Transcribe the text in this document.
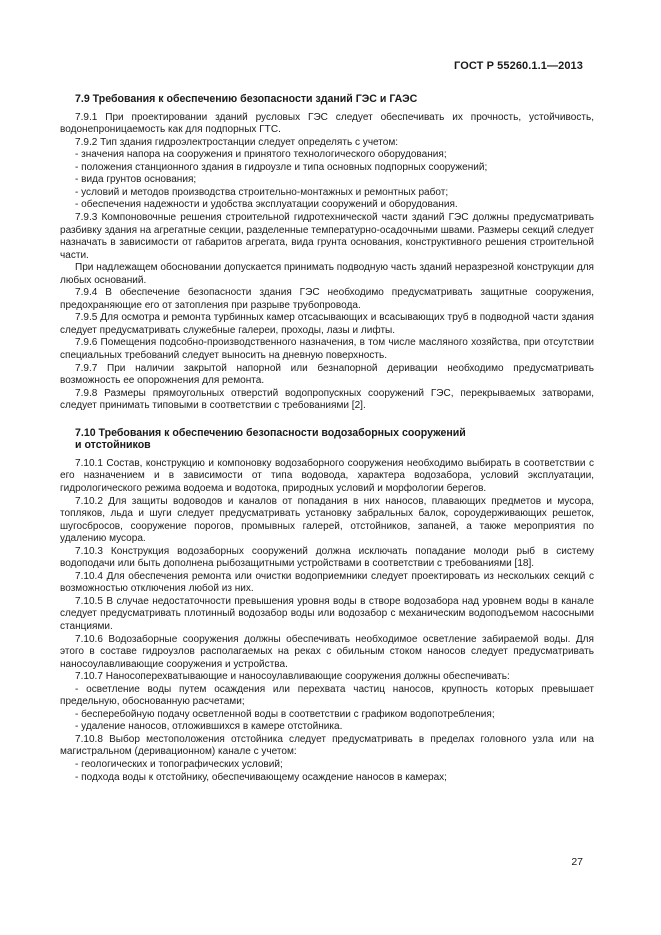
ГОСТ Р 55260.1.1—2013
7.9 Требования к обеспечению безопасности зданий ГЭС и ГАЭС

7.9.1 При проектировании зданий русловых ГЭС следует обеспечивать их прочность, устойчивость, водонепроницаемость как для подпорных ГТС.

7.9.2 Тип здания гидроэлектростанции следует определять с учетом:

- значения напора на сооружения и принятого технологического оборудования;

- положения станционного здания в гидроузле и типа основных подпорных сооружений;

- вида грунтов основания;

- условий и методов производства строительно-монтажных и ремонтных работ;

- обеспечения надежности и удобства эксплуатации сооружений и оборудования.

7.9.3 Компоновочные решения строительной гидротехнической части зданий ГЭС должны предусматривать разбивку здания на агрегатные секции, разделенные температурно-осадочными швами. Размеры секций следует назначать в зависимости от габаритов агрегата, вида грунта основания, конструктивного решения строительной части.

При надлежащем обосновании допускается принимать подводную часть зданий неразрезной конструкции для любых оснований.

7.9.4 В обеспечение безопасности здания ГЭС необходимо предусматривать защитные сооружения, предохраняющие его от затопления при разрыве трубопровода.

7.9.5 Для осмотра и ремонта турбинных камер отсасывающих и всасывающих труб в подводной части здания следует предусматривать служебные галереи, проходы, лазы и лифты.

7.9.6 Помещения подсобно-производственного назначения, в том числе масляного хозяйства, при отсутствии специальных требований следует выносить на дневную поверхность.

7.9.7 При наличии закрытой напорной или безнапорной деривации необходимо предусматривать возможность ее опорожнения для ремонта.

7.9.8 Размеры прямоугольных отверстий водопропускных сооружений ГЭС, перекрываемых затворами, следует принимать типовыми в соответствии с требованиями [2].

7.10 Требования к обеспечению безопасности водозаборных сооружений
и отстойников

7.10.1 Состав, конструкцию и компоновку водозаборного сооружения необходимо выбирать в соответствии с его назначением и в зависимости от типа водовода, характера водозабора, условий эксплуатации, гидрологического режима водоема и водотока, природных условий и морфологии берегов.

7.10.2 Для защиты водоводов и каналов от попадания в них наносов, плавающих предметов и мусора, топляков, льда и шуги следует предусматривать установку забральных балок, сороудерживающих решеток, шугосбросов, сооружение порогов, промывных галерей, отстойников, запаней, а также мероприятия по удалению мусора.

7.10.3 Конструкция водозаборных сооружений должна исключать попадание молоди рыб в систему водоподачи или быть дополнена рыбозащитными устройствами в соответствии с требованиями [18].

7.10.4 Для обеспечения ремонта или очистки водоприемники следует проектировать из нескольких секций с возможностью отключения любой из них.

7.10.5 В случае недостаточности превышения уровня воды в створе водозабора над уровнем воды в канале следует предусматривать плотинный водозабор воды или водозабор с механическим водоподъемом насосными станциями.

7.10.6 Водозаборные сооружения должны обеспечивать необходимое осветление забираемой воды. Для этого в составе гидроузлов располагаемых на реках с обильным стоком наносов следует предусматривать наносоулавливающие сооружения и устройства.

7.10.7 Наносоперехватывающие и наносоулавливающие сооружения должны обеспечивать:

- осветление воды путем осаждения или перехвата частиц наносов, крупность которых превышает предельную, обоснованную расчетами;

- бесперебойную подачу осветленной воды в соответствии с графиком водопотребления;

- удаление наносов, отложившихся в камере отстойника.

7.10.8 Выбор местоположения отстойника следует предусматривать в пределах головного узла или на магистральном (деривационном) канале с учетом:

- геологических и топографических условий;

- подхода воды к отстойнику, обеспечивающему осаждение наносов в камерах;

27
